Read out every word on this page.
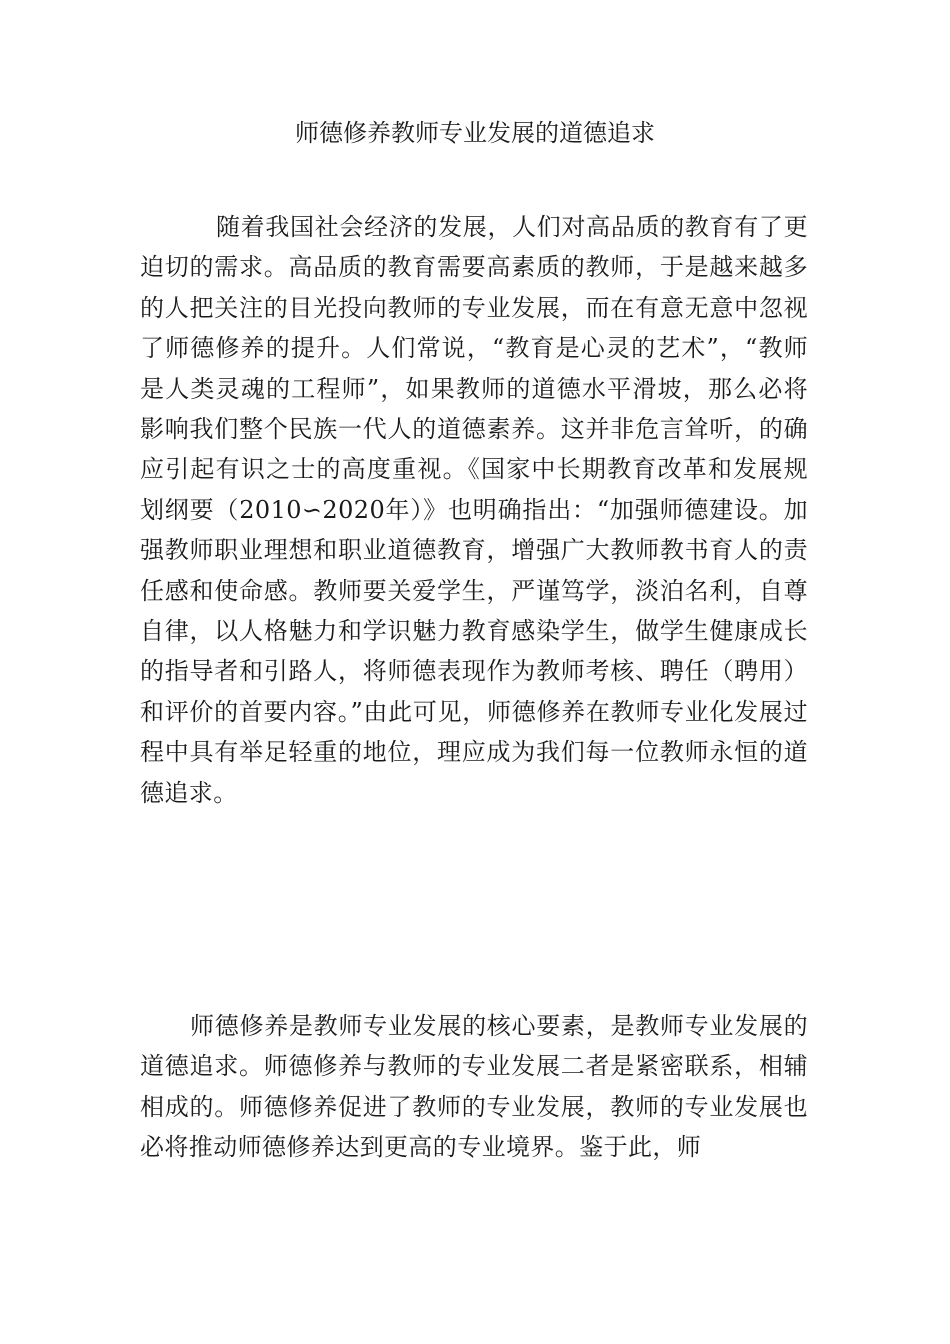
师德修养教师专业发展的道德追求

随着我国社会经济的发展，人们对高品质的教育有了更迫切的需求。高品质的教育需要高素质的教师，于是越来越多的人把关注的目光投向教师的专业发展，而在有意无意中忽视了师德修养的提升。人们常说，“教育是心灵的艺术”，“教师是人类灵魂的工程师”，如果教师的道德水平滑坡，那么必将影响我们整个民族一代人的道德素养。这并非危言耸听，的确应引起有识之士的高度重视。《国家中长期教育改革和发展规划纲要（2010∽2020年）》也明确指出：“加强师德建设。加强教师职业理想和职业道德教育，增强广大教师教书育人的责任感和使命感。教师要关爱学生，严谨笃学，淡泊名利，自尊自律，以人格魅力和学识魅力教育感染学生，做学生健康成长的指导者和引路人，将师德表现作为教师考核、聘任（聘用）和评价的首要内容。”由此可见，师德修养在教师专业化发展过程中具有举足轻重的地位，理应成为我们每一位教师永恒的道德追求。

师德修养是教师专业发展的核心要素，是教师专业发展的道德追求。师德修养与教师的专业发展二者是紧密联系，相辅相成的。师德修养促进了教师的专业发展，教师的专业发展也必将推动师德修养达到更高的专业境界。鉴于此，师
